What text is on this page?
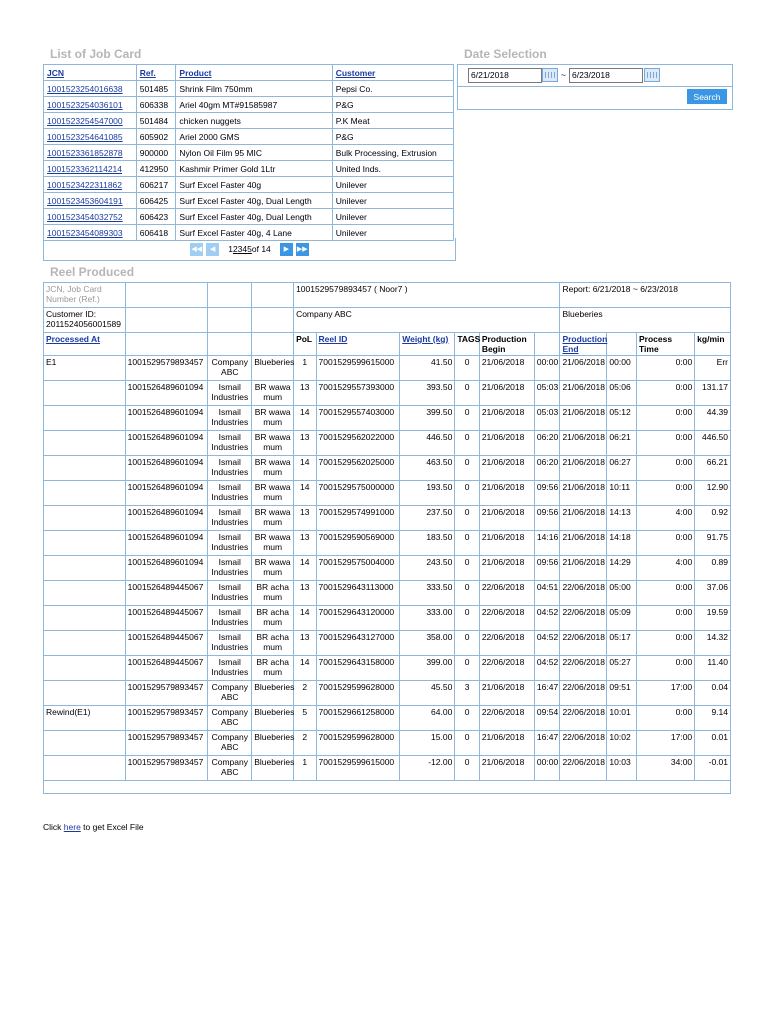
List of Job Card
JCN	Ref.	Product	Customer
1001523254016638	501485	Shrink Film 750mm	Pepsi Co.
1001523254036101	606338	Ariel 40gm MT#91585987	P&G
1001523254547000	501484	chicken nuggets	P.K Meat
1001523254641085	605902	Ariel 2000 GMS	P&G
1001523361852878	900000	Nylon Oil Film 95 MIC	Bulk Processing, Extrusion
1001523362114214	412950	Kashmir Primer Gold 1Ltr	United Inds.
1001523422311862	606217	Surf Excel Faster 40g	Unilever
1001523453604191	606425	Surf Excel Faster 40g, Dual Length	Unilever
1001523454032752	606423	Surf Excel Faster 40g, Dual Length	Unilever
1001523454089303	606418	Surf Excel Faster 40g, 4 Lane	Unilever
◀◀	◀	12345of 14	▶	▶▶
Date Selection
6/21/2018	~ 6/23/2018
Search
Reel Produced
JCN, Job Card Number (Ref.)				1001529579893457 ( Noor7 )						Report: 6/21/2018 ~ 6/23/2018			
Customer ID: 2011524056001589				Company ABC						Blueberies			
Processed At				PoL	Reel ID	Weight (kg)	TAGS	Production Begin		Production End		Process Time	kg/min
E1	1001529579893457	Company ABC	Blueberies	1	7001529599615000	41.50	0	21/06/2018	00:00	21/06/2018	00:00	0:00	Err
	1001526489601094	Ismail Industries	BR wawa mum	13	7001529557393000	393.50	0	21/06/2018	05:03	21/06/2018	05:06	0:00	131.17
	1001526489601094	Ismail Industries	BR wawa mum	14	7001529557403000	399.50	0	21/06/2018	05:03	21/06/2018	05:12	0:00	44.39
	1001526489601094	Ismail Industries	BR wawa mum	13	7001529562022000	446.50	0	21/06/2018	06:20	21/06/2018	06:21	0:00	446.50
	1001526489601094	Ismail Industries	BR wawa mum	14	7001529562025000	463.50	0	21/06/2018	06:20	21/06/2018	06:27	0:00	66.21
	1001526489601094	Ismail Industries	BR wawa mum	14	7001529575000000	193.50	0	21/06/2018	09:56	21/06/2018	10:11	0:00	12.90
	1001526489601094	Ismail Industries	BR wawa mum	13	7001529574991000	237.50	0	21/06/2018	09:56	21/06/2018	14:13	4:00	0.92
	1001526489601094	Ismail Industries	BR wawa mum	13	7001529590569000	183.50	0	21/06/2018	14:16	21/06/2018	14:18	0:00	91.75
	1001526489601094	Ismail Industries	BR wawa mum	14	7001529575004000	243.50	0	21/06/2018	09:56	21/06/2018	14:29	4:00	0.89
	1001526489445067	Ismail Industries	BR acha mum	13	7001529643113000	333.50	0	22/06/2018	04:51	22/06/2018	05:00	0:00	37.06
	1001526489445067	Ismail Industries	BR acha mum	14	7001529643120000	333.00	0	22/06/2018	04:52	22/06/2018	05:09	0:00	19.59
	1001526489445067	Ismail Industries	BR acha mum	13	7001529643127000	358.00	0	22/06/2018	04:52	22/06/2018	05:17	0:00	14.32
	1001526489445067	Ismail Industries	BR acha mum	14	7001529643158000	399.00	0	22/06/2018	04:52	22/06/2018	05:27	0:00	11.40
	1001529579893457	Company ABC	Blueberies	2	7001529599628000	45.50	3	21/06/2018	16:47	22/06/2018	09:51	17:00	0.04
Rewind(E1)	1001529579893457	Company ABC	Blueberies	5	7001529661258000	64.00	0	22/06/2018	09:54	22/06/2018	10:01	0:00	9.14
	1001529579893457	Company ABC	Blueberies	2	7001529599628000	15.00	0	21/06/2018	16:47	22/06/2018	10:02	17:00	0.01
	1001529579893457	Company ABC	Blueberies	1	7001529599615000	-12.00	0	21/06/2018	00:00	22/06/2018	10:03	34:00	-0.01

Click here to get Excel File
